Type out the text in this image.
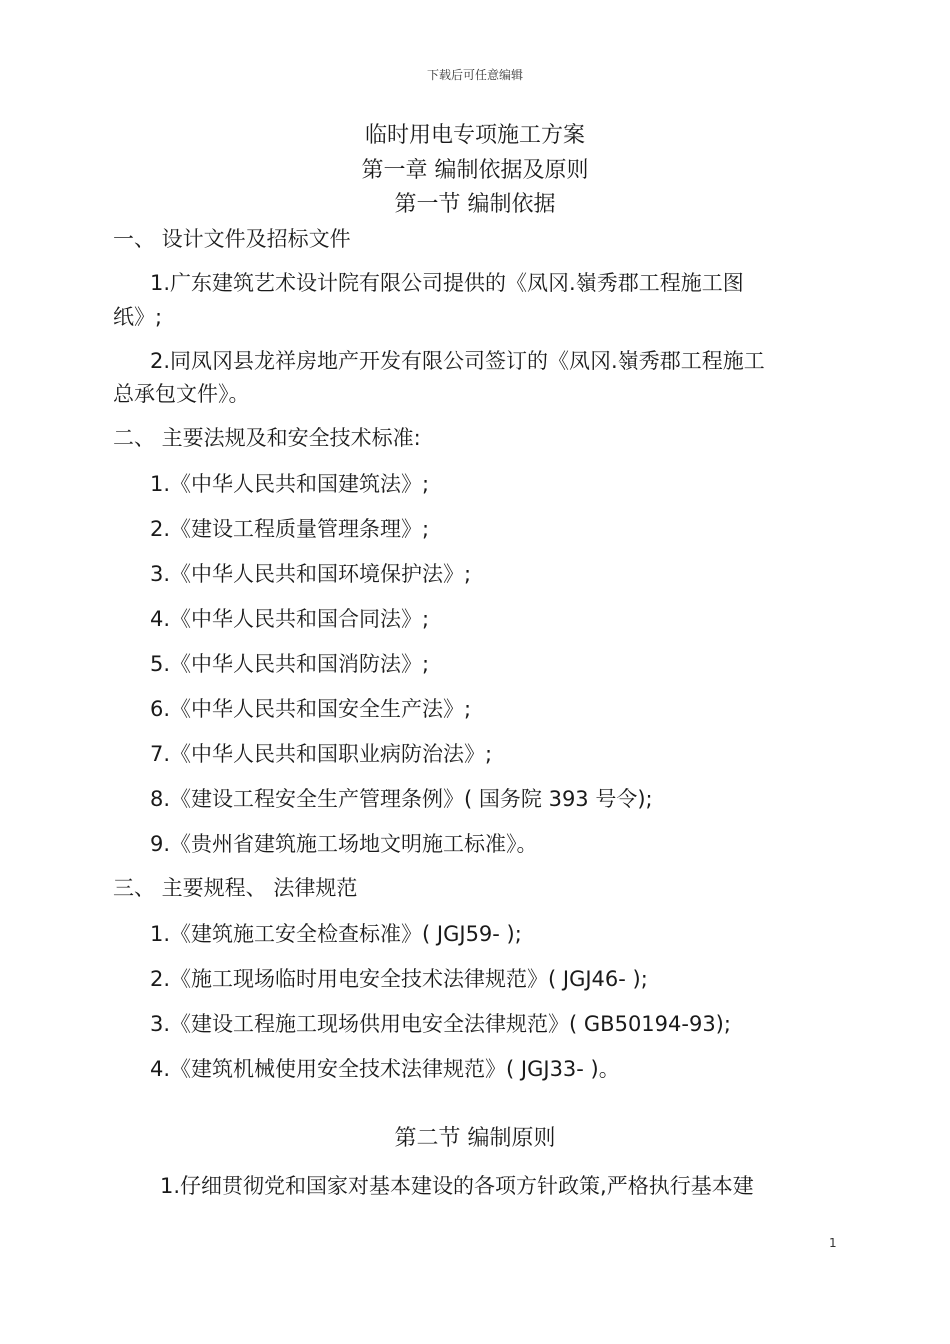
下载后可任意编辑
临时用电专项施工方案
第一章 编制依据及原则
第一节 编制依据
一、 设计文件及招标文件
1.广东建筑艺术设计院有限公司提供的《凤冈.嶺秀郡工程施工图
纸》;
2.同凤冈县龙祥房地产开发有限公司签订的《凤冈.嶺秀郡工程施工
总承包文件》。
二、 主要法规及和安全技术标准:
1.《中华人民共和国建筑法》;
2.《建设工程质量管理条理》;
3.《中华人民共和国环境保护法》;
4.《中华人民共和国合同法》;
5.《中华人民共和国消防法》;
6.《中华人民共和国安全生产法》;
7.《中华人民共和国职业病防治法》;
8.《建设工程安全生产管理条例》( 国务院 393 号令);
9.《贵州省建筑施工场地文明施工标准》。
三、 主要规程、 法律规范
1.《建筑施工安全检查标准》( JGJ59- );
2.《施工现场临时用电安全技术法律规范》( JGJ46- );
3.《建设工程施工现场供用电安全法律规范》( GB50194-93);
4.《建筑机械使用安全技术法律规范》( JGJ33- )。
第二节 编制原则
1.仔细贯彻党和国家对基本建设的各项方针政策,严格执行基本建
1
